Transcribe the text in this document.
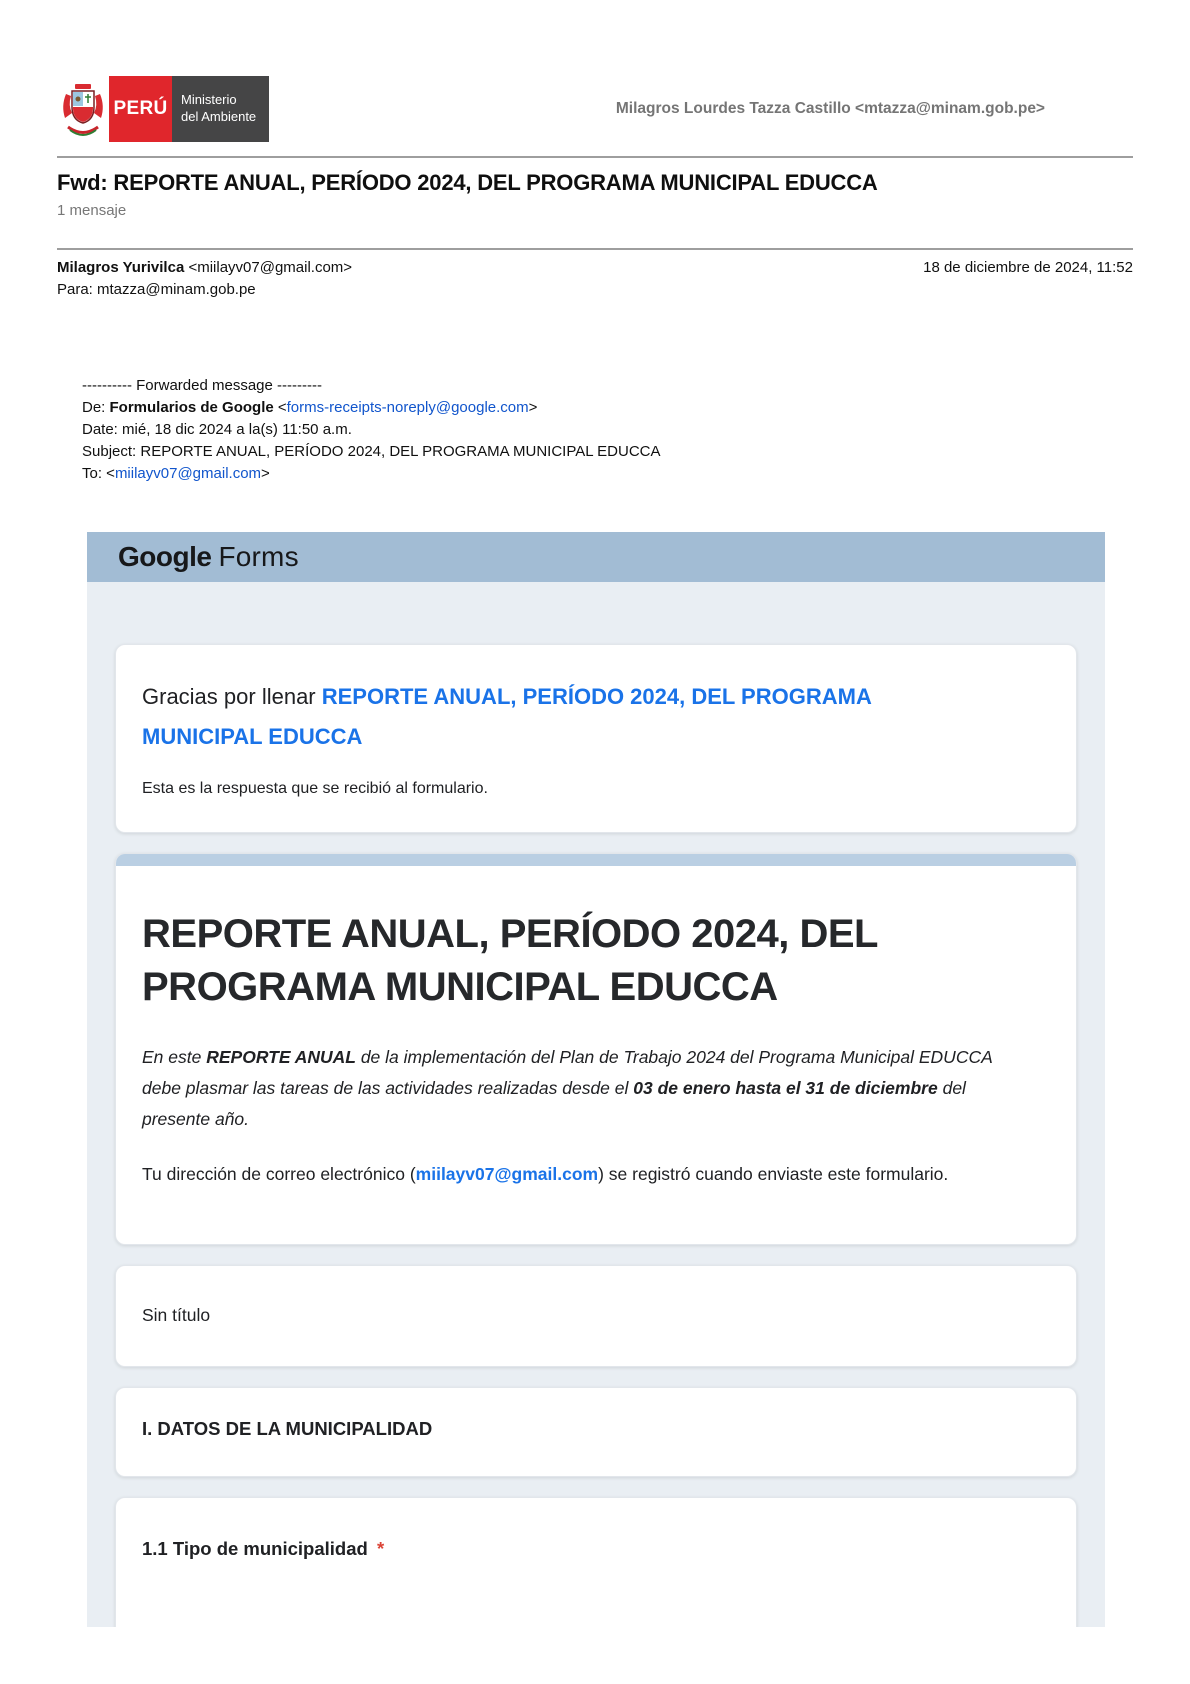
PERÚ	Ministerio
del Ambiente	Milagros Lourdes Tazza Castillo <mtazza@minam.gob.pe>
Fwd: REPORTE ANUAL, PERÍODO 2024, DEL PROGRAMA MUNICIPAL EDUCCA
1 mensaje
Milagros Yurivilca <miilayv07@gmail.com>	18 de diciembre de 2024, 11:52
Para: mtazza@minam.gob.pe
---------- Forwarded message ---------
De: Formularios de Google <forms-receipts-noreply@google.com>
Date: mié, 18 dic 2024 a la(s) 11:50 a.m.
Subject: REPORTE ANUAL, PERÍODO 2024, DEL PROGRAMA MUNICIPAL EDUCCA
To: <miilayv07@gmail.com>
Google Forms
Gracias por llenar REPORTE ANUAL, PERÍODO 2024, DEL PROGRAMA MUNICIPAL EDUCCA
Esta es la respuesta que se recibió al formulario.
REPORTE ANUAL, PERÍODO 2024, DEL PROGRAMA MUNICIPAL EDUCCA

En este REPORTE ANUAL de la implementación del Plan de Trabajo 2024 del Programa Municipal EDUCCA debe plasmar las tareas de las actividades realizadas desde el 03 de enero hasta el 31 de diciembre del presente año.

Tu dirección de correo electrónico (miilayv07@gmail.com) se registró cuando enviaste este formulario.

Sin título
I. DATOS DE LA MUNICIPALIDAD
1.1 Tipo de municipalidad *
